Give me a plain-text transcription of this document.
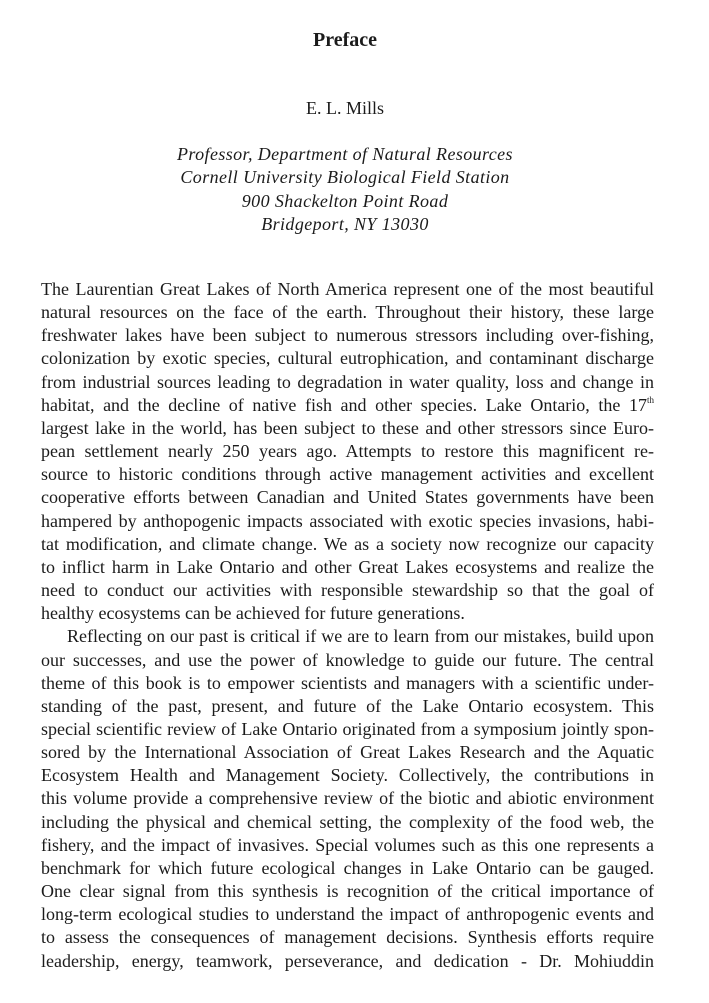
Preface
E. L. Mills
Professor, Department of Natural Resources
Cornell University Biological Field Station
900 Shackelton Point Road
Bridgeport, NY 13030
The Laurentian Great Lakes of North America represent one of the most beautiful
natural resources on the face of the earth. Throughout their history, these large
freshwater lakes have been subject to numerous stressors including over-fishing,
colonization by exotic species, cultural eutrophication, and contaminant discharge
from industrial sources leading to degradation in water quality, loss and change in
habitat, and the decline of native fish and other species. Lake Ontario, the 17th
largest lake in the world, has been subject to these and other stressors since Euro-
pean settlement nearly 250 years ago. Attempts to restore this magnificent re-
source to historic conditions through active management activities and excellent
cooperative efforts between Canadian and United States governments have been
hampered by anthopogenic impacts associated with exotic species invasions, habi-
tat modification, and climate change. We as a society now recognize our capacity
to inflict harm in Lake Ontario and other Great Lakes ecosystems and realize the
need to conduct our activities with responsible stewardship so that the goal of
healthy ecosystems can be achieved for future generations.
Reflecting on our past is critical if we are to learn from our mistakes, build upon
our successes, and use the power of knowledge to guide our future. The central
theme of this book is to empower scientists and managers with a scientific under-
standing of the past, present, and future of the Lake Ontario ecosystem. This
special scientific review of Lake Ontario originated from a symposium jointly spon-
sored by the International Association of Great Lakes Research and the Aquatic
Ecosystem Health and Management Society. Collectively, the contributions in
this volume provide a comprehensive review of the biotic and abiotic environment
including the physical and chemical setting, the complexity of the food web, the
fishery, and the impact of invasives. Special volumes such as this one represents a
benchmark for which future ecological changes in Lake Ontario can be gauged.
One clear signal from this synthesis is recognition of the critical importance of
long-term ecological studies to understand the impact of anthropogenic events and
to assess the consequences of management decisions. Synthesis efforts require
leadership, energy, teamwork, perseverance, and dedication - Dr. Mohiuddin
